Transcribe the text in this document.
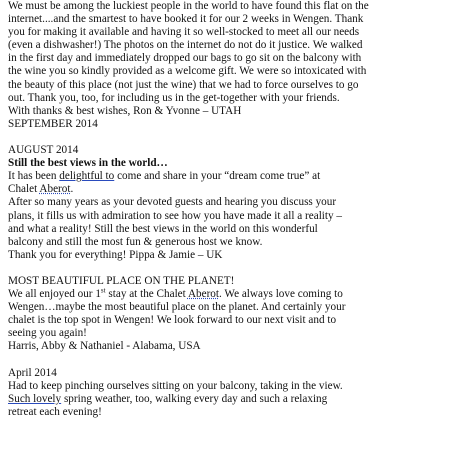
We must be among the luckiest people in the world to have found this flat on the
internet....and the smartest to have booked it for our 2 weeks in Wengen. Thank
you for making it available and having it so well-stocked to meet all our needs
(even a dishwasher!) The photos on the internet do not do it justice. We walked
in the first day and immediately dropped our bags to go sit on the balcony with
the wine you so kindly provided as a welcome gift. We were so intoxicated with
the beauty of this place (not just the wine) that we had to force ourselves to go
out. Thank you, too, for including us in the get-together with your friends.
With thanks & best wishes, Ron & Yvonne – UTAH
SEPTEMBER 2014
AUGUST 2014
Still the best views in the world…
It has been delightful to come and share in your “dream come true” at
Chalet Aberot.
After so many years as your devoted guests and hearing you discuss your
plans, it fills us with admiration to see how you have made it all a reality –
and what a reality! Still the best views in the world on this wonderful
balcony and still the most fun & generous host we know.
Thank you for everything! Pippa & Jamie – UK
MOST BEAUTIFUL PLACE ON THE PLANET!
We all enjoyed our 1st stay at the Chalet Aberot. We always love coming to
Wengen…maybe the most beautiful place on the planet. And certainly your
chalet is the top spot in Wengen! We look forward to our next visit and to
seeing you again!
Harris, Abby & Nathaniel - Alabama, USA
April 2014
Had to keep pinching ourselves sitting on your balcony, taking in the view.
Such lovely spring weather, too, walking every day and such a relaxing
retreat each evening!
